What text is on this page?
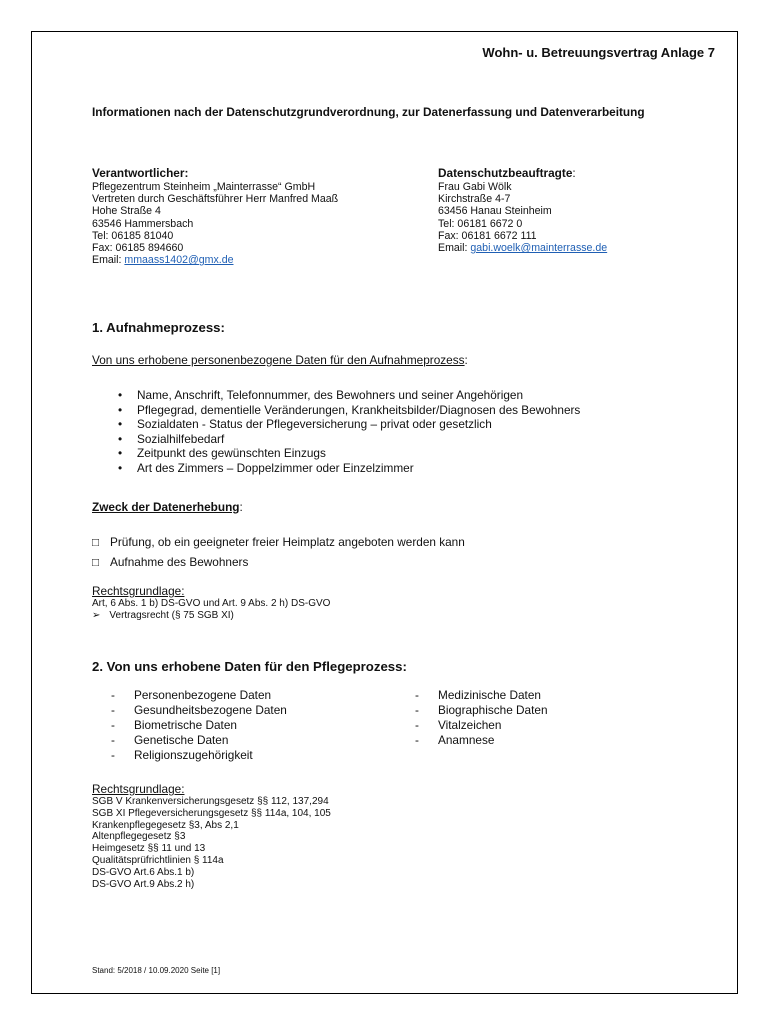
Wohn- u. Betreuungsvertrag Anlage 7
Informationen nach der Datenschutzgrundverordnung, zur Datenerfassung und Datenverarbeitung
Verantwortlicher:
Pflegezentrum Steinheim „Mainterrasse“ GmbH
Vertreten durch Geschäftsführer Herr Manfred Maaß
Hohe Straße 4
63546 Hammersbach
Tel: 06185 81040
Fax: 06185 894660
Email: mmaass1402@gmx.de
Datenschutzbeauftragte:
Frau Gabi Wölk
Kirchstraße 4-7
63456 Hanau Steinheim
Tel: 06181 6672 0
Fax: 06181 6672 111
Email: gabi.woelk@mainterrasse.de
1. Aufnahmeprozess:
Von uns erhobene personenbezogene Daten für den Aufnahmeprozess:
• Name, Anschrift, Telefonnummer, des Bewohners und seiner Angehörigen
• Pflegegrad, dementielle Veränderungen, Krankheitsbilder/Diagnosen des Bewohners
• Sozialdaten - Status der Pflegeversicherung – privat oder gesetzlich
• Sozialhilfebedarf
• Zeitpunkt des gewünschten Einzugs
• Art des Zimmers – Doppelzimmer oder Einzelzimmer
Zweck der Datenerhebung:
□ Prüfung, ob ein geeigneter freier Heimplatz angeboten werden kann
□ Aufnahme des Bewohners
Rechtsgrundlage:
Art, 6 Abs. 1 b) DS-GVO und Art. 9 Abs. 2 h) DS-GVO
➢ Vertragsrecht (§ 75 SGB XI)
2. Von uns erhobene Daten für den Pflegeprozess:
- Personenbezogene Daten
- Gesundheitsbezogene Daten
- Biometrische Daten
- Genetische Daten
- Religionszugehörigkeit
- Medizinische Daten
- Biographische Daten
- Vitalzeichen
- Anamnese
Rechtsgrundlage:
SGB V Krankenversicherungsgesetz §§ 112, 137,294
SGB XI Pflegeversicherungsgesetz §§ 114a, 104, 105
Krankenpflegegesetz §3, Abs 2,1
Altenpflegegesetz §3
Heimgesetz §§ 11 und 13
Qualitätsprüfrichtlinien § 114a
DS-GVO Art.6 Abs.1 b)
DS-GVO Art.9 Abs.2 h)
Stand: 5/2018 / 10.09.2020 Seite [1]
